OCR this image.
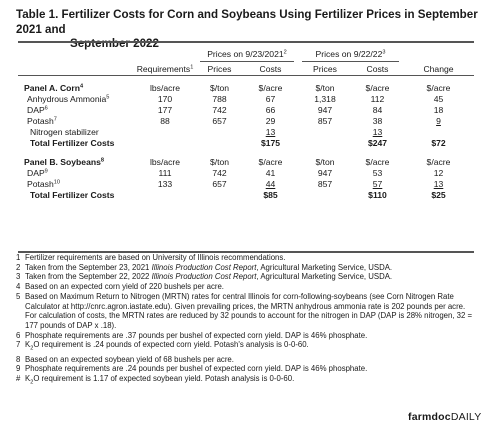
Table 1. Fertilizer Costs for Corn and Soybeans Using Fertilizer Prices in September 2021 and
September 2022

		Prices on 9/23/2021$^2$		Prices on $9/22/22^3$

	Requirements$^1$	Prices	Costs	Prices	Costs	Change

Panel A. Corn$^4$	lbs/acre	$/ton	$/acre	$/ton	$/acre	$/acre
Anhydrous Ammonia$^5$	170	788	67	1,318	112	45
DAP$^6$	177	742	66	947	84	18
Potash$^7$	88	657	29	857	38	9
Nitrogen stabilizer			13		13	
Total Fertilizer Costs			$175		$247	$72

Panel B. Soybeans$^8$	lbs/acre	$/ton	$/acre	$/ton	$/acre	$/acre
DAP$^9$	111	742	41	947	53	12
Potash$^{10}$	133	657	44	857	57	13
Total Fertilizer Costs			$85		$110	$25
1 Fertilizer requirements are based on University of Illinois recommendations.
2 Taken from the September 23, 2021 Illinois Production Cost Report, Agricultural Marketing Service, USDA.
3 Taken from the September 22, 2022 Illinois Production Cost Report, Agricultural Marketing Service, USDA.
4 Based on an expected corn yield of 220 bushels per acre.
5 Based on Maximum Return to Nitrogen (MRTN) rates for central Illinois for corn-following-soybeans (see Corn Nitrogen Rate Calculator at http://cnrc.agron.iastate.edu). Given prevailing prices, the MRTN anhydrous ammonia rate is 202 pounds per acre. For calculation of costs, the MRTN rates are reduced by 32 pounds to account for the nitrogen in DAP (DAP is 28% nitrogen, 32 = 177 pounds of DAP x .18).
6 Phosphate requirements are .37 pounds per bushel of expected corn yield. DAP is 46% phosphate.
7 $K_2O$ requirement is .24 pounds of expected corn yield. Potash's analysis is 0-0-60.
8 Based on an expected soybean yield of 68 bushels per acre.
9 Phosphate requirements are .24 pounds per bushel of expected corn yield. DAP is 46% phosphate.
# $K_2O$ requirement is 1.17 of expected soybean yield. Potash analysis is 0-0-60.
farmdocDAILY
